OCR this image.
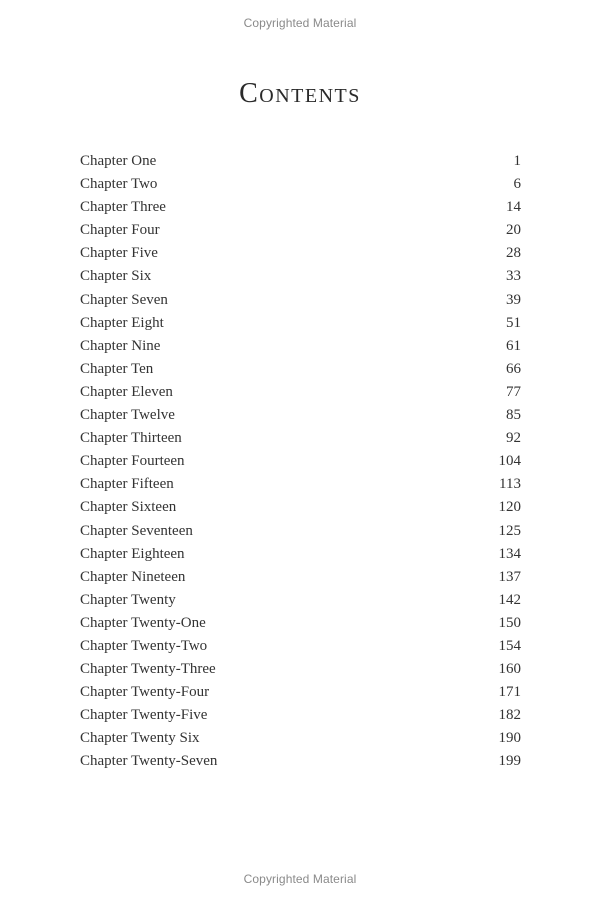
Copyrighted Material
Contents
Chapter One	1
Chapter Two	6
Chapter Three	14
Chapter Four	20
Chapter Five	28
Chapter Six	33
Chapter Seven	39
Chapter Eight	51
Chapter Nine	61
Chapter Ten	66
Chapter Eleven	77
Chapter Twelve	85
Chapter Thirteen	92
Chapter Fourteen	104
Chapter Fifteen	113
Chapter Sixteen	120
Chapter Seventeen	125
Chapter Eighteen	134
Chapter Nineteen	137
Chapter Twenty	142
Chapter Twenty-One	150
Chapter Twenty-Two	154
Chapter Twenty-Three	160
Chapter Twenty-Four	171
Chapter Twenty-Five	182
Chapter Twenty Six	190
Chapter Twenty-Seven	199
Copyrighted Material
